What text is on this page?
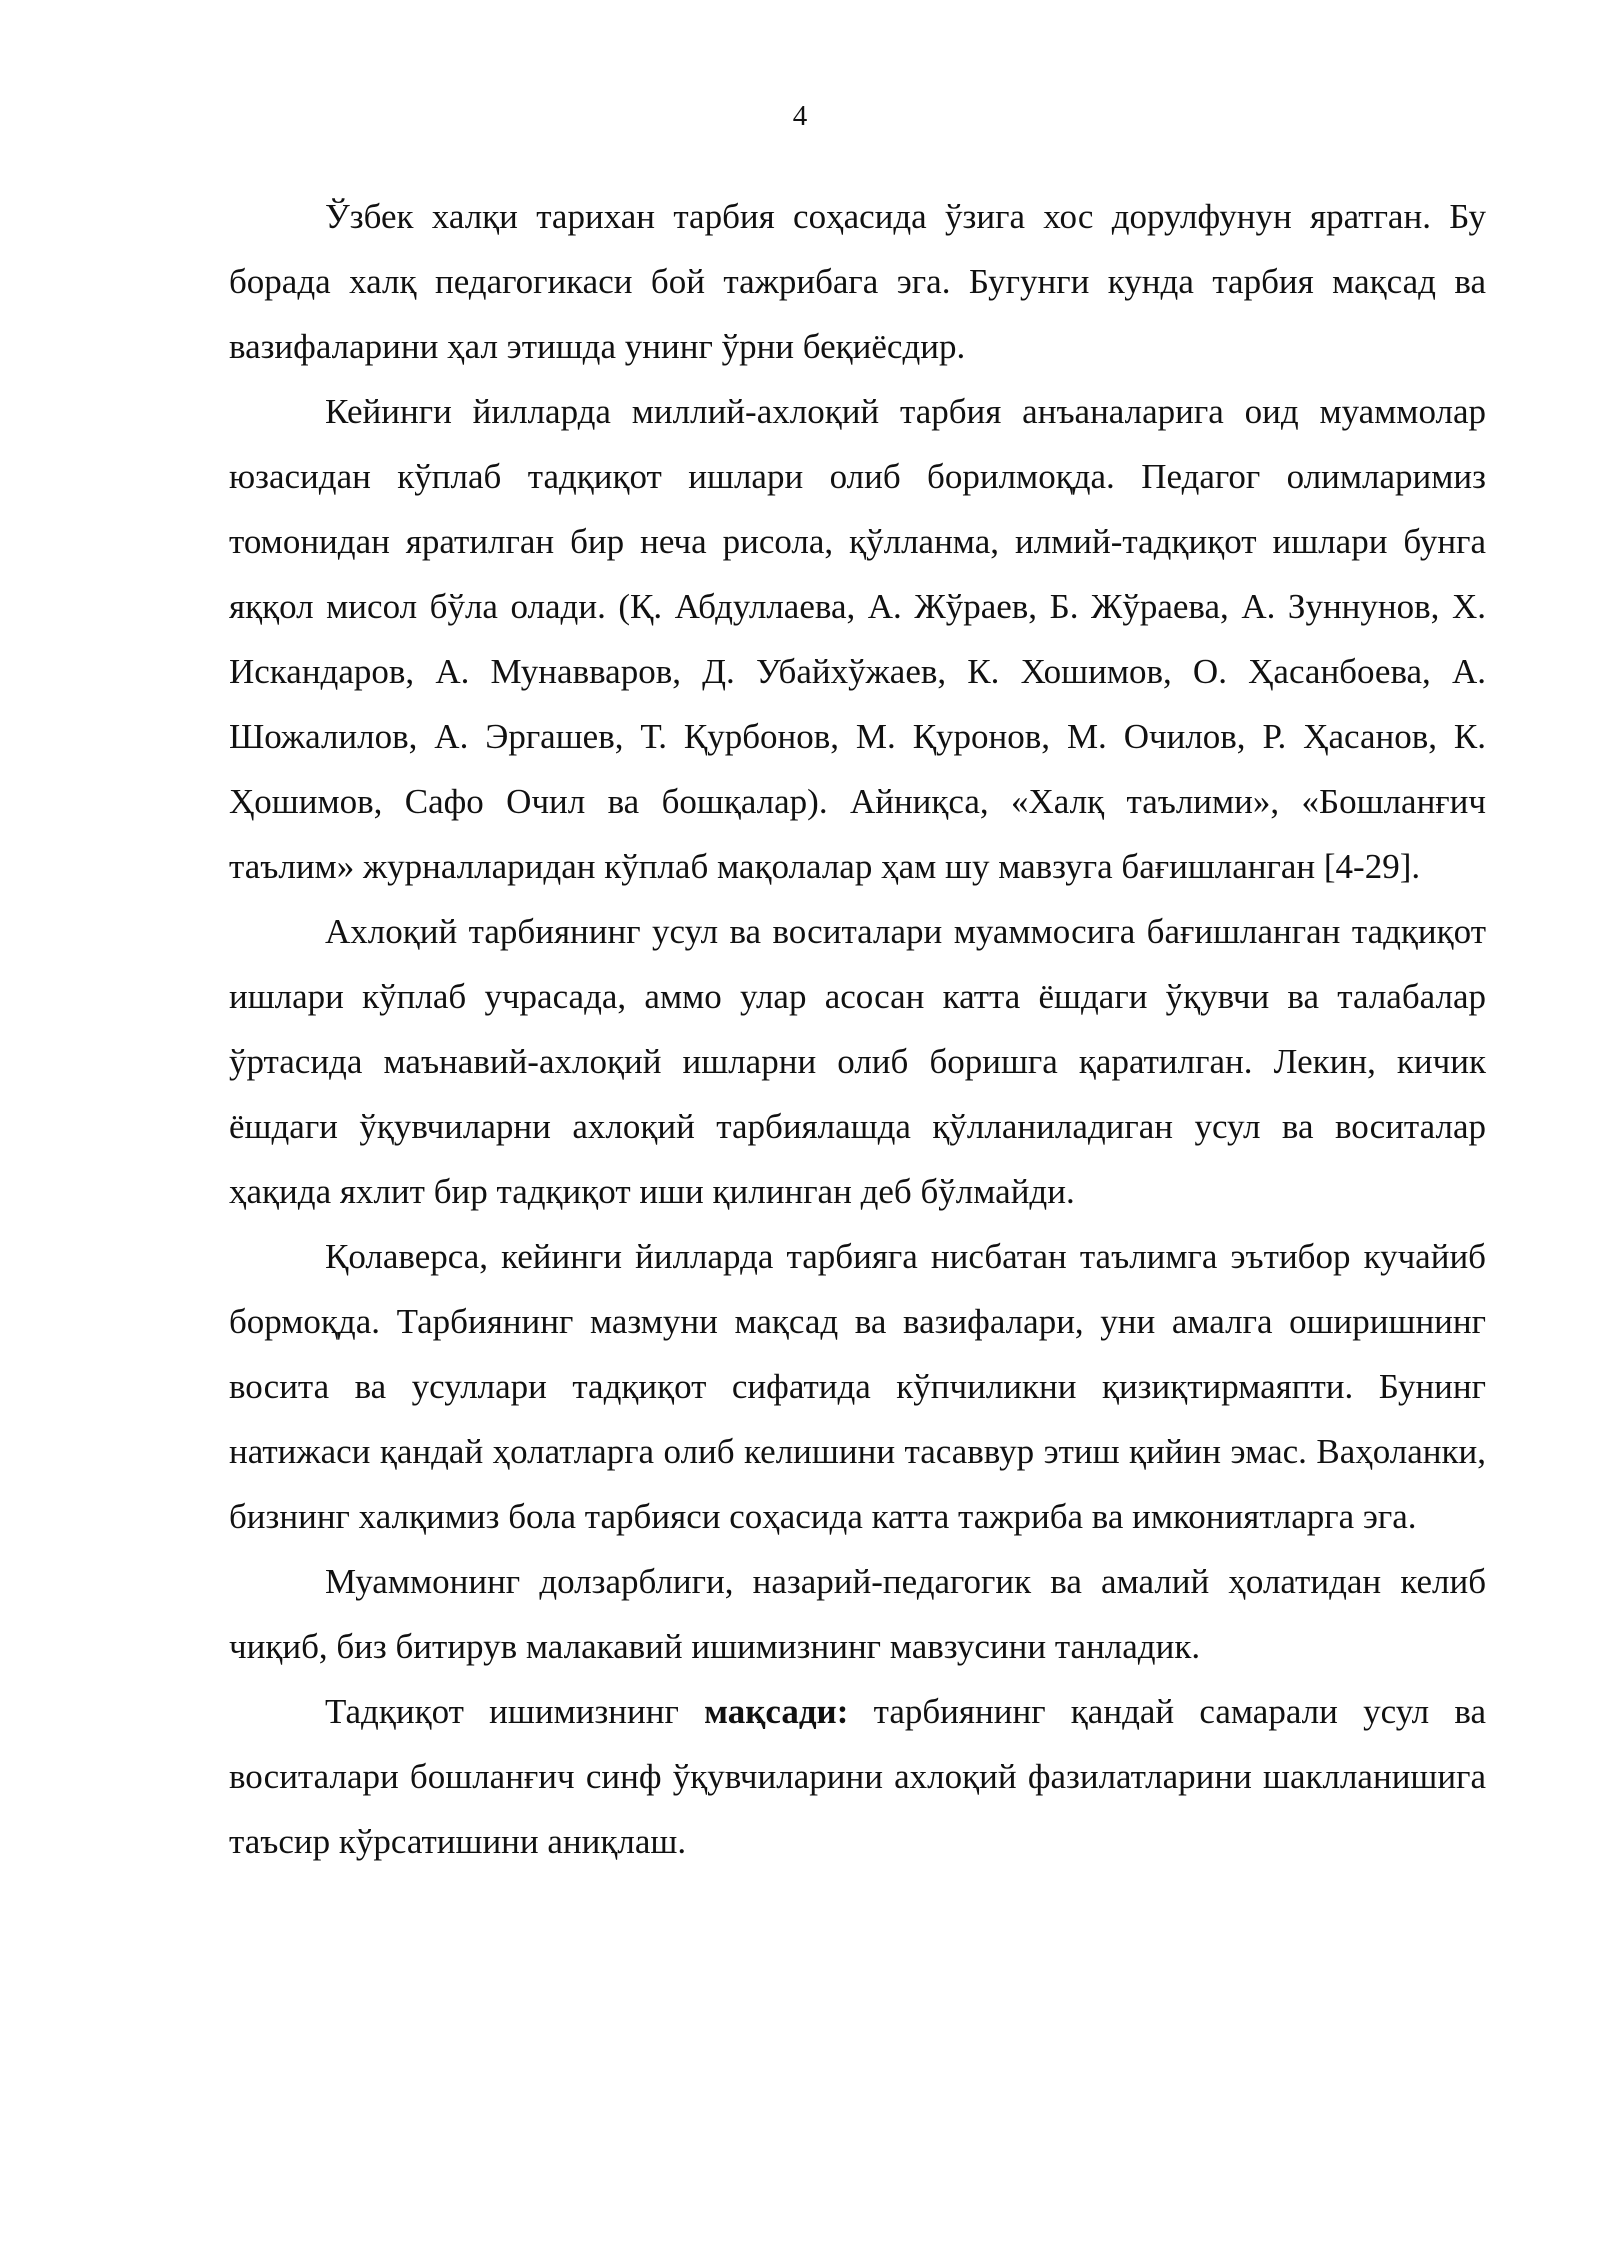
4

Ўзбек халқи тарихан тарбия соҳасида ўзига хос дорулфунун яратган. Бу борада халқ педагогикаси бой тажрибага эга. Бугунги кунда тарбия мақсад ва вазифаларини ҳал этишда унинг ўрни беқиёсдир.

Кейинги йилларда миллий-ахлоқий тарбия анъаналарига оид муаммолар юзасидан кўплаб тадқиқот ишлари олиб борилмоқда. Педагог олимларимиз томонидан яратилган бир неча рисола, қўлланма, илмий-тадқиқот ишлари бунга яққол мисол бўла олади. (Қ. Абдуллаева, А. Жўраев, Б. Жўраева, А. Зуннунов, Х. Искандаров, А. Мунавваров, Д. Убайхўжаев, К. Хошимов, О. Ҳасанбоева, А. Шожалилов, А. Эргашев, Т. Қурбонов, М. Қуронов, М. Очилов, Р. Ҳасанов, К. Ҳошимов, Сафо Очил ва бошқалар). Айниқса, «Халқ таълими», «Бошланғич таълим» журналларидан кўплаб мақолалар ҳам шу мавзуга бағишланган [4-29].

Ахлоқий тарбиянинг усул ва воситалари муаммосига бағишланган тадқиқот ишлари кўплаб учрасада, аммо улар асосан катта ёшдаги ўқувчи ва талабалар ўртасида маънавий-ахлоқий ишларни олиб боришга қаратилган. Лекин, кичик ёшдаги ўқувчиларни ахлоқий тарбиялашда қўлланиладиган усул ва воситалар ҳақида яхлит бир тадқиқот иши қилинган деб бўлмайди.

Қолаверса, кейинги йилларда тарбияга нисбатан таълимга эътибор кучайиб бормоқда. Тарбиянинг мазмуни мақсад ва вазифалари, уни амалга оширишнинг восита ва усуллари тадқиқот сифатида кўпчиликни қизиқтирмаяпти. Бунинг натижаси қандай ҳолатларга олиб келишини тасаввур этиш қийин эмас. Ваҳоланки, бизнинг халқимиз бола тарбияси соҳасида катта тажриба ва имкониятларга эга.

Муаммонинг долзарблиги, назарий-педагогик ва амалий ҳолатидан келиб чиқиб, биз битирув малакавий ишимизнинг мавзусини танладик.

Тадқиқот ишимизнинг мақсади: тарбиянинг қандай самарали усул ва воситалари бошланғич синф ўқувчиларини ахлоқий фазилатларини шаклланишига таъсир кўрсатишини аниқлаш.
